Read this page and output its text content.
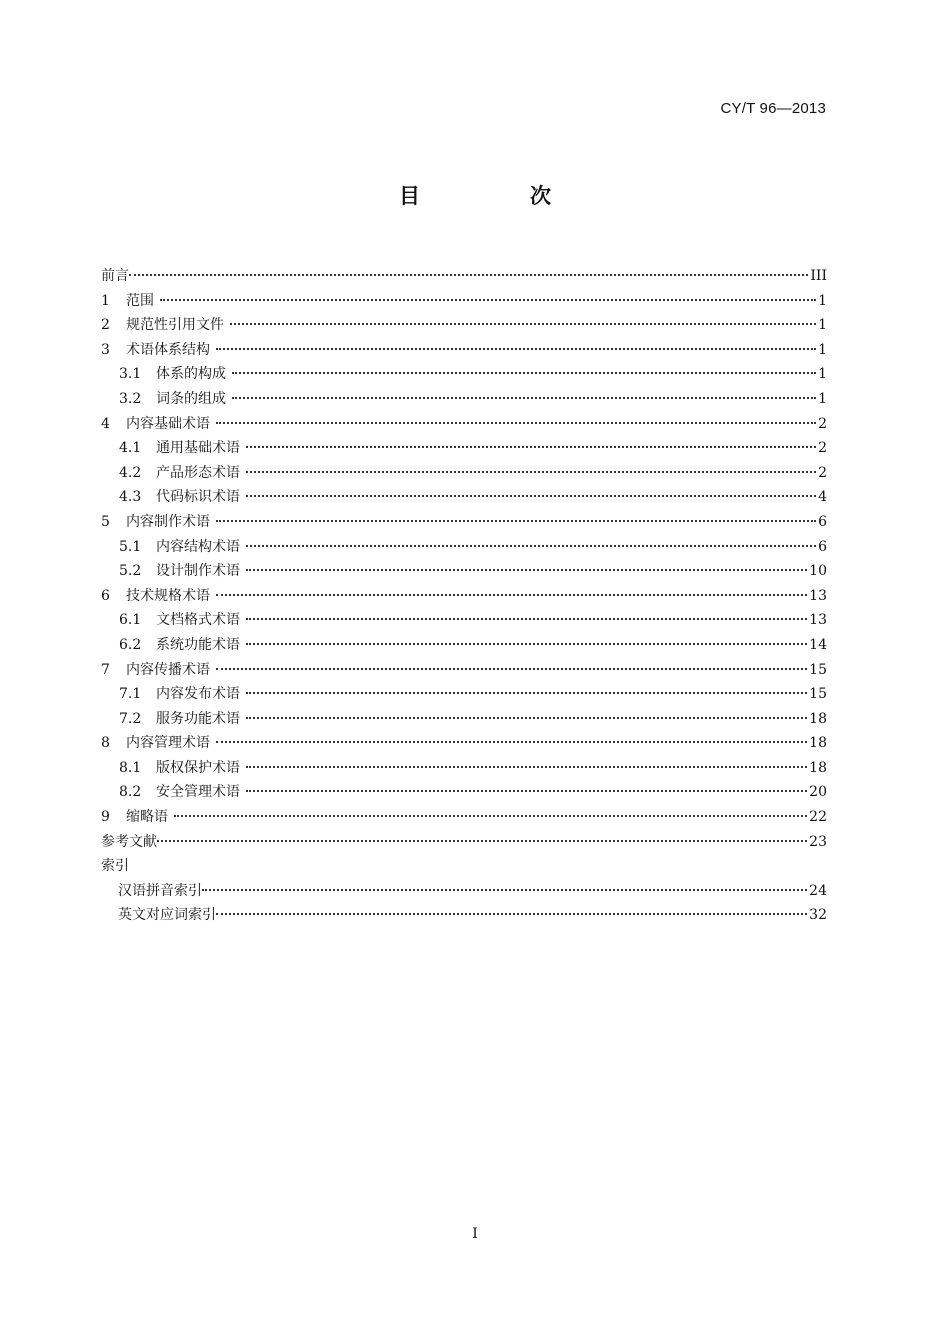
CY/T 96—2013
目	次
前言	III
1	范围	1
2	规范性引用文件	1
3	术语体系结构	1
3.1	体系的构成	1
3.2	词条的组成	1
4	内容基础术语	2
4.1	通用基础术语	2
4.2	产品形态术语	2
4.3	代码标识术语	4
5	内容制作术语	6
5.1	内容结构术语	6
5.2	设计制作术语	10
6	技术规格术语	13
6.1	文档格式术语	13
6.2	系统功能术语	14
7	内容传播术语	15
7.1	内容发布术语	15
7.2	服务功能术语	18
8	内容管理术语	18
8.1	版权保护术语	18
8.2	安全管理术语	20
9	缩略语	22
参考文献	23
索引
汉语拼音索引	24
英文对应词索引	32
I
